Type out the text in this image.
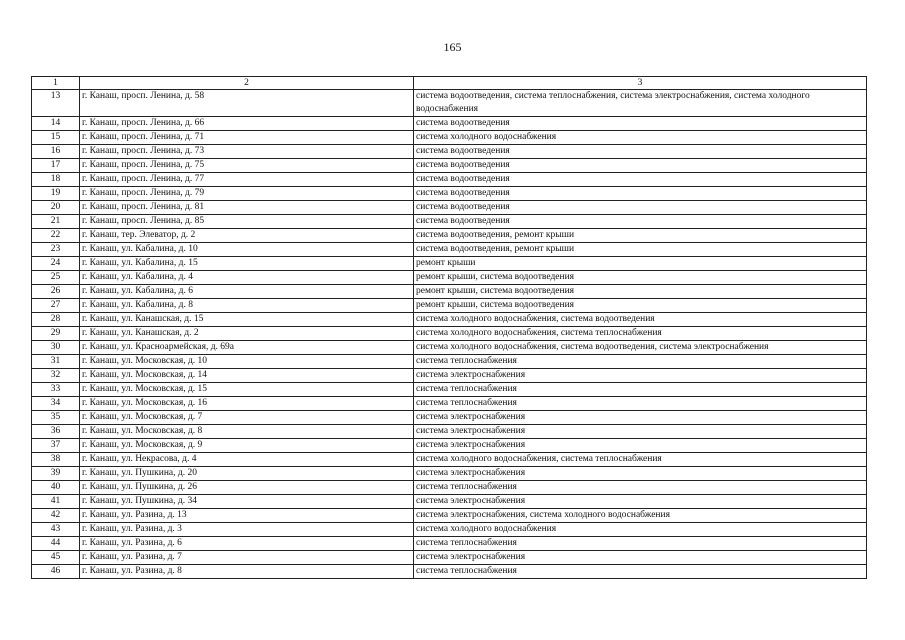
165
1	2	3
13	г. Канаш, просп. Ленина, д. 58	система водоотведения, система теплоснабжения, система электроснабжения, система холодного водоснабжения
14	г. Канаш, просп. Ленина, д. 66	система водоотведения
15	г. Канаш, просп. Ленина, д. 71	система холодного водоснабжения
16	г. Канаш, просп. Ленина, д. 73	система водоотведения
17	г. Канаш, просп. Ленина, д. 75	система водоотведения
18	г. Канаш, просп. Ленина, д. 77	система водоотведения
19	г. Канаш, просп. Ленина, д. 79	система водоотведения
20	г. Канаш, просп. Ленина, д. 81	система водоотведения
21	г. Канаш, просп. Ленина, д. 85	система водоотведения
22	г. Канаш, тер. Элеватор, д. 2	система водоотведения, ремонт крыши
23	г. Канаш, ул. Кабалина, д. 10	система водоотведения, ремонт крыши
24	г. Канаш, ул. Кабалина, д. 15	ремонт крыши
25	г. Канаш, ул. Кабалина, д. 4	ремонт крыши, система водоотведения
26	г. Канаш, ул. Кабалина, д. 6	ремонт крыши, система водоотведения
27	г. Канаш, ул. Кабалина, д. 8	ремонт крыши, система водоотведения
28	г. Канаш, ул. Канашская, д. 15	система холодного водоснабжения, система водоотведения
29	г. Канаш, ул. Канашская, д. 2	система холодного водоснабжения, система теплоснабжения
30	г. Канаш, ул. Красноармейская, д. 69а	система холодного водоснабжения, система водоотведения, система электроснабжения
31	г. Канаш, ул. Московская, д. 10	система теплоснабжения
32	г. Канаш, ул. Московская, д. 14	система электроснабжения
33	г. Канаш, ул. Московская, д. 15	система теплоснабжения
34	г. Канаш, ул. Московская, д. 16	система теплоснабжения
35	г. Канаш, ул. Московская, д. 7	система электроснабжения
36	г. Канаш, ул. Московская, д. 8	система электроснабжения
37	г. Канаш, ул. Московская, д. 9	система электроснабжения
38	г. Канаш, ул. Некрасова, д. 4	система холодного водоснабжения, система теплоснабжения
39	г. Канаш, ул. Пушкина, д. 20	система электроснабжения
40	г. Канаш, ул. Пушкина, д. 26	система теплоснабжения
41	г. Канаш, ул. Пушкина, д. 34	система электроснабжения
42	г. Канаш, ул. Разина, д. 13	система электроснабжения, система холодного водоснабжения
43	г. Канаш, ул. Разина, д. 3	система холодного водоснабжения
44	г. Канаш, ул. Разина, д. 6	система теплоснабжения
45	г. Канаш, ул. Разина, д. 7	система электроснабжения
46	г. Канаш, ул. Разина, д. 8	система теплоснабжения
